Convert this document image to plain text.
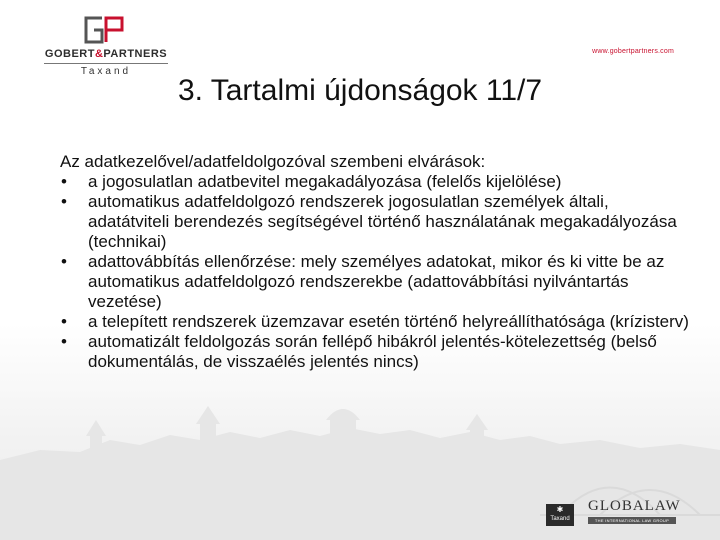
GOBERT&PARTNERS
Taxand
www.gobertpartners.com
3. Tartalmi újdonságok 11/7
Az adatkezelővel/adatfeldolgozóval szembeni elvárások:
• a jogosulatlan adatbevitel megakadályozása (felelős kijelölése)
• automatikus adatfeldolgozó rendszerek jogosulatlan személyek általi, adatátviteli berendezés segítségével történő használatának megakadályozása (technikai)
• adattovábbítás ellenőrzése: mely személyes adatokat, mikor és ki vitte be az automatikus adatfeldolgozó rendszerekbe (adattovábbítási nyilvántartás vezetése)
• a telepített rendszerek üzemzavar esetén történő helyreállíthatósága (krízisterv)
• automatizált feldolgozás során fellépő hibákról jelentés-kötelezettség (belső dokumentálás, de visszaélés jelentés nincs)
✱
Taxand
GLOBALAW
THE INTERNATIONAL LAW GROUP
